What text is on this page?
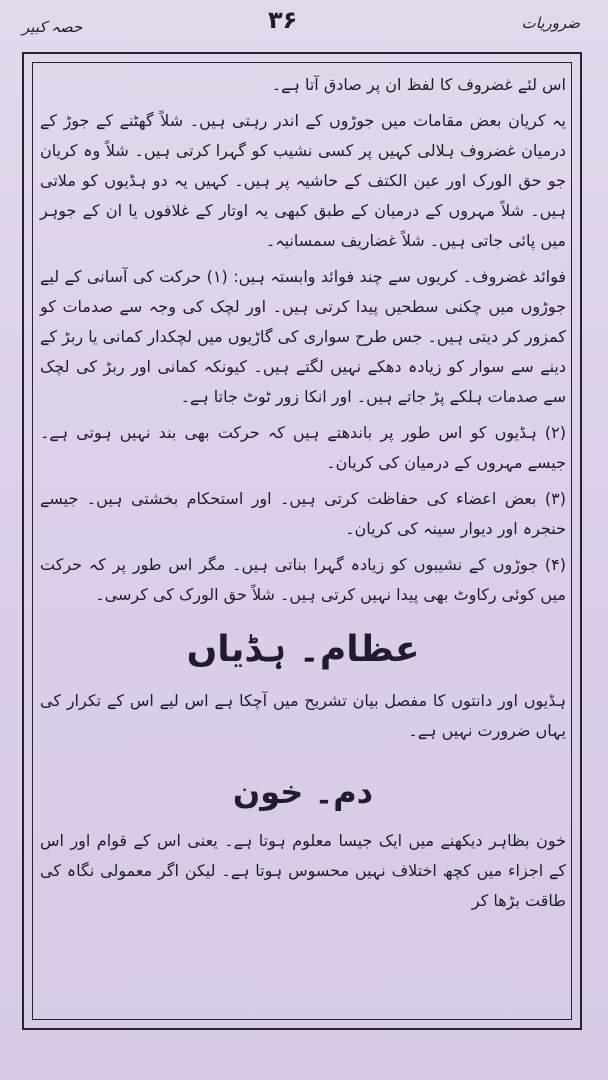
ضروریات
۳۶
حصہ کبیر

اس لئے غضروف کا لفظ ان پر صادق آتا ہے۔

یہ کریان بعض مقامات میں جوڑوں کے اندر رہتی ہیں۔ شلاً گھٹنے کے جوڑ کے درمیان غضروف ہلالی کہیں پر کسی نشیب کو گہرا کرتی ہیں۔ شلاً وہ کریان جو حق الورک اور عین الکتف کے حاشیہ پر ہیں۔ کہیں یہ دو ہڈیوں کو ملاتی ہیں۔ شلاً مہروں کے درمیان کے طبق کبھی یہ اوتار کے غلافوں یا ان کے جوہر میں پائی جاتی ہیں۔ شلاً غضاریف سمسانیہ۔

فوائد غضروف۔ کریوں سے چند فوائد وابستہ ہیں: (۱) حرکت کی آسانی کے لیے جوڑوں میں چکنی سطحیں پیدا کرتی ہیں۔ اور لچک کی وجہ سے صدمات کو کمزور کر دیتی ہیں۔ جس طرح سواری کی گاڑیوں میں لچکدار کمانی یا ربڑ کے دینے سے سوار کو زیادہ دھکے نہیں لگتے ہیں۔ کیونکہ کمانی اور ربڑ کی لچک سے صدمات ہلکے پڑ جاتے ہیں۔ اور انکا زور ٹوٹ جاتا ہے۔

(۲) ہڈیوں کو اس طور پر باندھتے ہیں کہ حرکت بھی بند نہیں ہوتی ہے۔ جیسے مہروں کے درمیان کی کریان۔

(۳) بعض اعضاء کی حفاظت کرتی ہیں۔ اور استحکام بخشتی ہیں۔ جیسے حنجرہ اور دیوار سینہ کی کریان۔

(۴) جوڑوں کے نشیبوں کو زیادہ گہرا بناتی ہیں۔ مگر اس طور پر کہ حرکت میں کوئی رکاوٹ بھی پیدا نہیں کرتی ہیں۔ شلاً حق الورک کی کرسی۔

عظام۔ ہڈیاں

ہڈیوں اور دانتوں کا مفصل بیان تشریح میں آچکا ہے اس لیے اس کے تکرار کی یہاں ضرورت نہیں ہے۔

دم۔ خون

خون بظاہر دیکھنے میں ایک جیسا معلوم ہوتا ہے۔ یعنی اس کے قوام اور اس کے اجزاء میں کچھ اختلاف نہیں محسوس ہوتا ہے۔ لیکن اگر معمولی نگاہ کی طاقت بڑھا کر
